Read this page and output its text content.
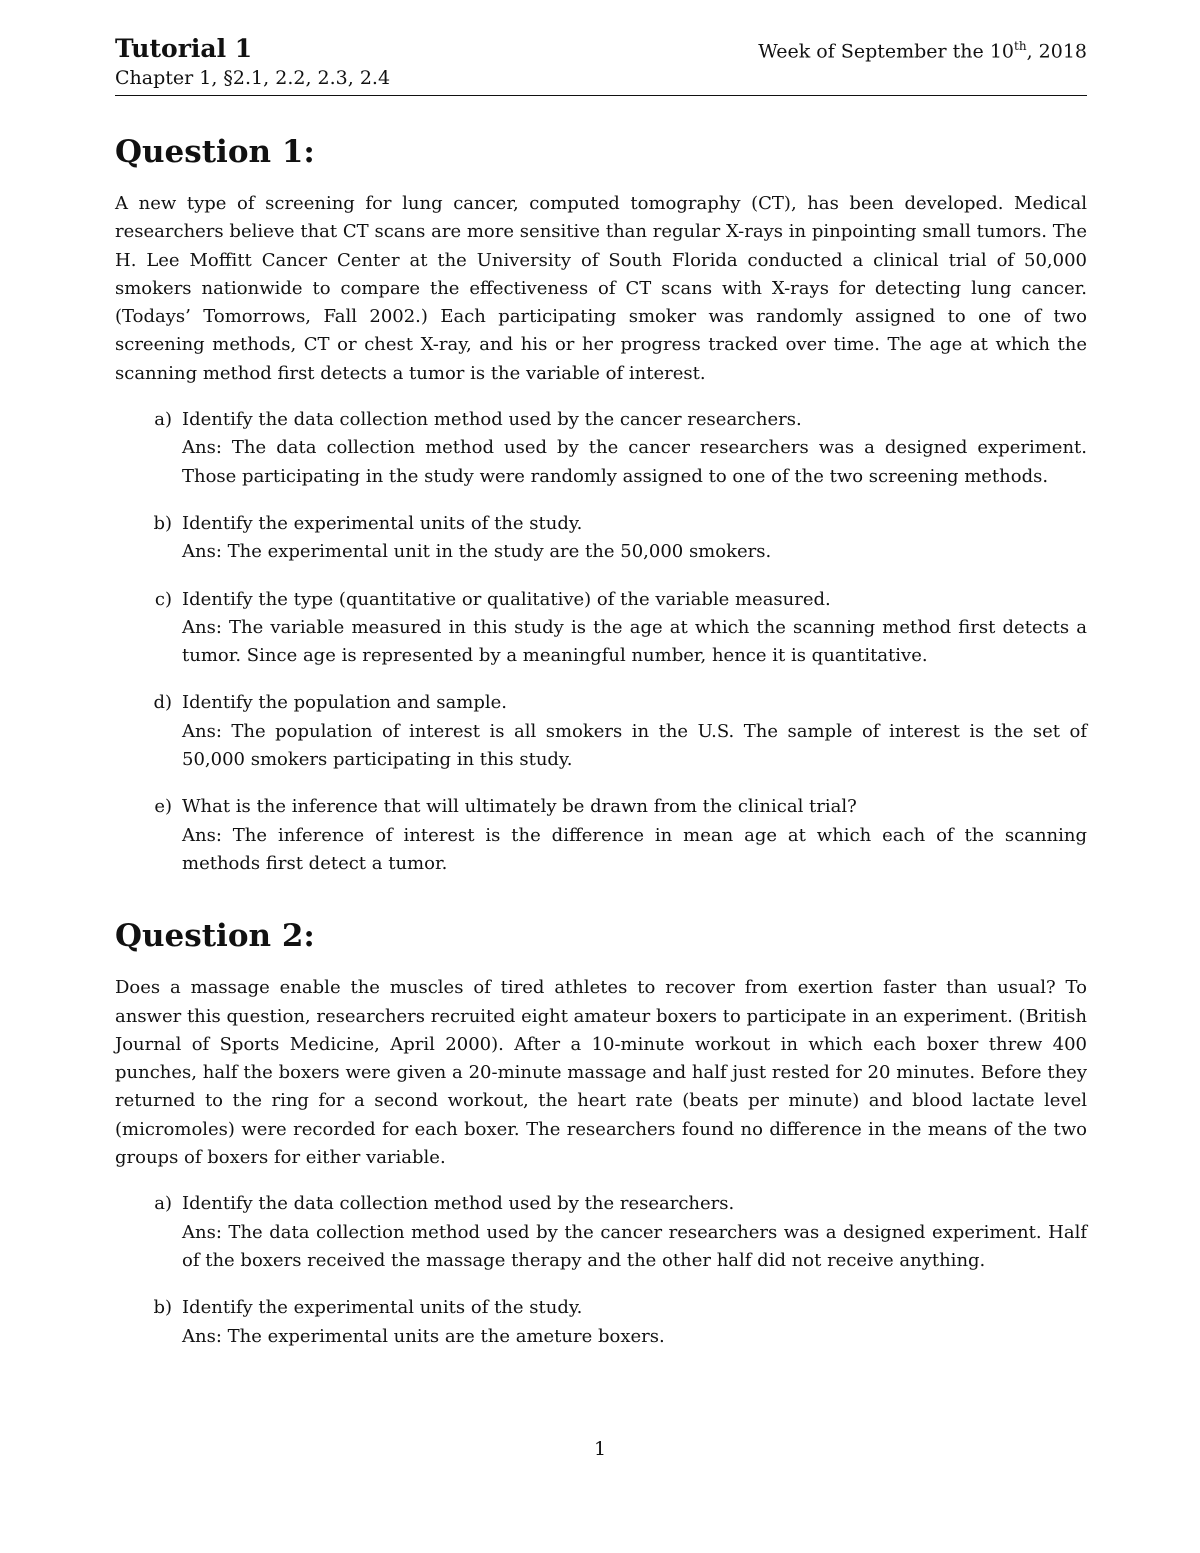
Tutorial 1	Week of September the 10th, 2018
Chapter 1, §2.1, 2.2, 2.3, 2.4
Question 1:

A new type of screening for lung cancer, computed tomography (CT), has been developed. Medical researchers believe that CT scans are more sensitive than regular X-rays in pinpointing small tumors. The H. Lee Moffitt Cancer Center at the University of South Florida conducted a clinical trial of 50,000 smokers nationwide to compare the effectiveness of CT scans with X-rays for detecting lung cancer. (Todays’ Tomorrows, Fall 2002.) Each participating smoker was randomly assigned to one of two screening methods, CT or chest X-ray, and his or her progress tracked over time. The age at which the scanning method first detects a tumor is the variable of interest.

a) Identify the data collection method used by the cancer researchers.
Ans: The data collection method used by the cancer researchers was a designed experiment. Those participating in the study were randomly assigned to one of the two screening methods.
b) Identify the experimental units of the study.
Ans: The experimental unit in the study are the 50,000 smokers.
c) Identify the type (quantitative or qualitative) of the variable measured.
Ans: The variable measured in this study is the age at which the scanning method first detects a tumor. Since age is represented by a meaningful number, hence it is quantitative.
d) Identify the population and sample.
Ans: The population of interest is all smokers in the U.S. The sample of interest is the set of 50,000 smokers participating in this study.
e) What is the inference that will ultimately be drawn from the clinical trial?
Ans: The inference of interest is the difference in mean age at which each of the scanning methods first detect a tumor.
Question 2:

Does a massage enable the muscles of tired athletes to recover from exertion faster than usual? To answer this question, researchers recruited eight amateur boxers to participate in an experiment. (British Journal of Sports Medicine, April 2000). After a 10-minute workout in which each boxer threw 400 punches, half the boxers were given a 20-minute massage and half just rested for 20 minutes. Before they returned to the ring for a second workout, the heart rate (beats per minute) and blood lactate level (micromoles) were recorded for each boxer. The researchers found no difference in the means of the two groups of boxers for either variable.

a) Identify the data collection method used by the researchers.
Ans: The data collection method used by the cancer researchers was a designed experiment. Half of the boxers received the massage therapy and the other half did not receive anything.
b) Identify the experimental units of the study.
Ans: The experimental units are the ameture boxers.
1
